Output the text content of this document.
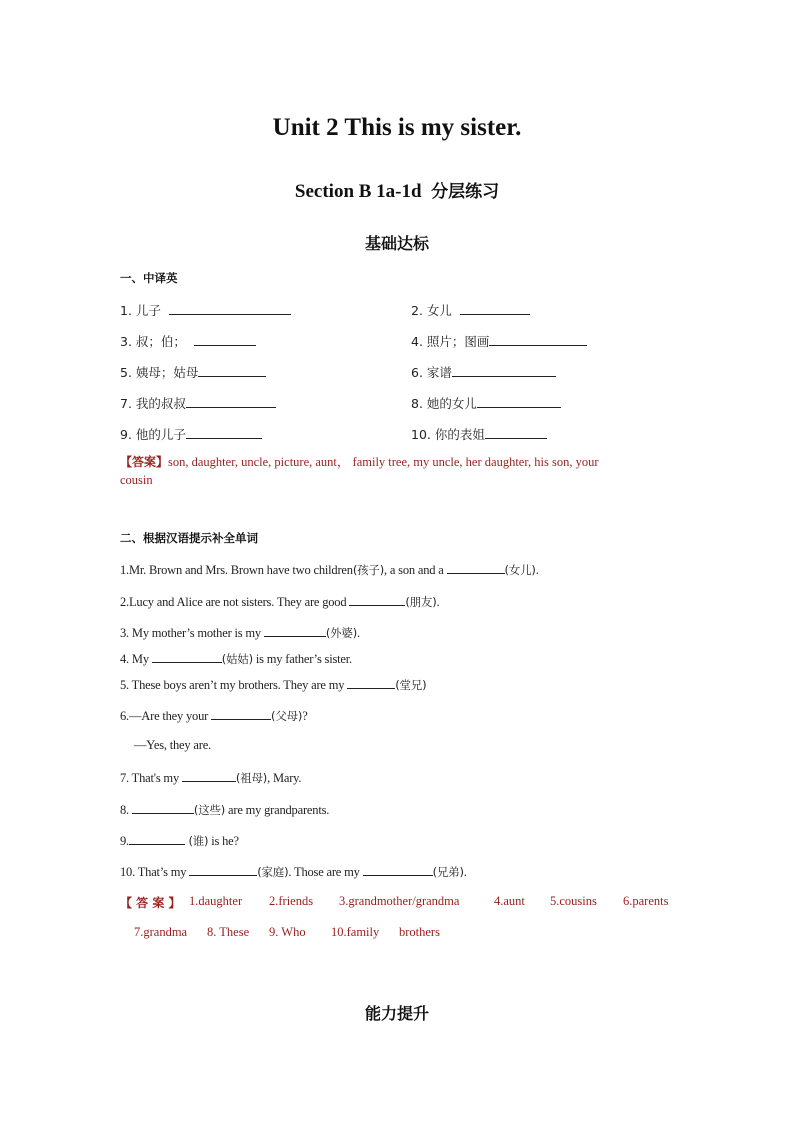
Unit 2 This is my sister.
Section B 1a-1d 分层练习
基础达标
一、中译英
1. 儿子	2. 女儿
3. 叔；伯；	4. 照片；图画
5. 姨母；姑母	6. 家谱
7. 我的叔叔	8. 她的女儿
9. 他的儿子	10. 你的表姐
【答案】son, daughter, uncle, picture, aunt， family tree, my uncle, her daughter, his son, your
cousin
二、根据汉语提示补全单词
1.Mr. Brown and Mrs. Brown have two children(孩子), a son and a	(女儿).
2.Lucy and Alice are not sisters. They are good	(朋友).
3. My mother’s mother is my	(外婆).
4. My	(姑姑) is my father’s sister.
5. These boys aren’t my brothers. They are my	(堂兄)
6.—Are they your	(父母)?
—Yes, they are.
7. That's my	(祖母), Mary.
8.	(这些) are my grandparents.
9.	(谁) is he?
10. That’s my	(家庭). Those are my	(兄弟).
【 答 案 】 1.daughter 2.friends 3.grandmother/grandma	4.aunt 5.cousins 6.parents
7.grandma 8. These 9. Who 10.family brothers
能力提升
